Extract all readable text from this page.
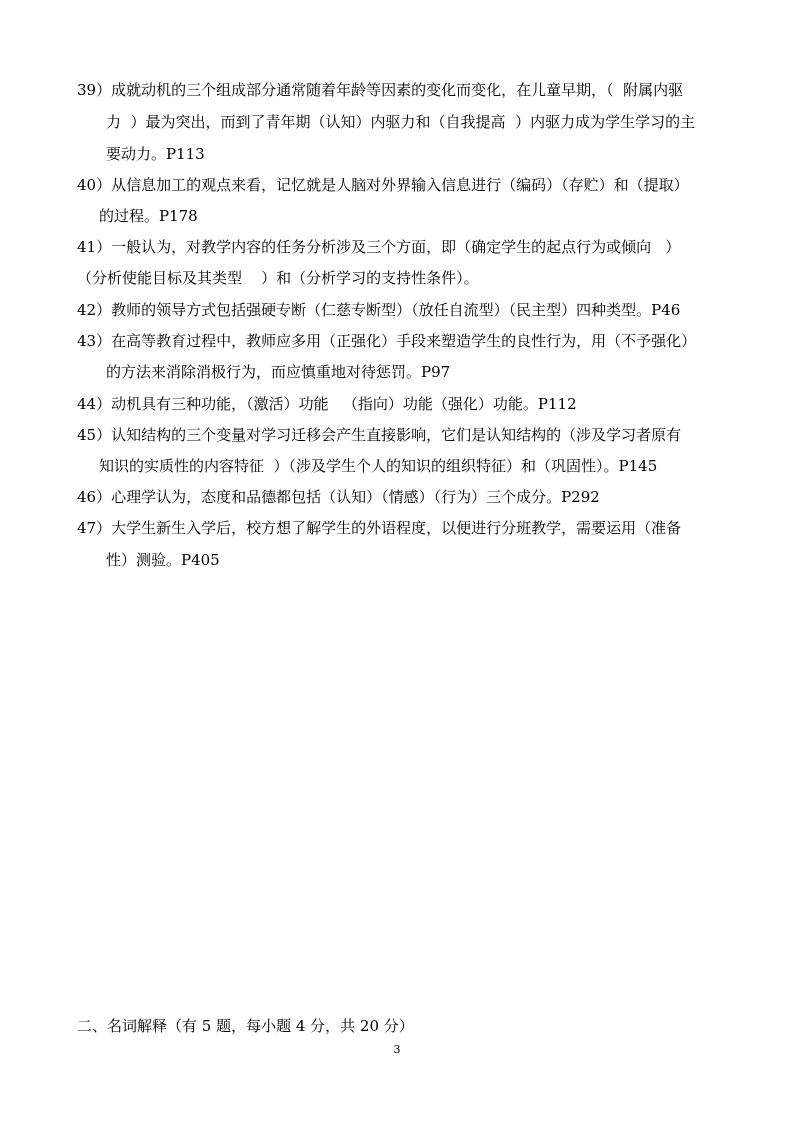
39）成就动机的三个组成部分通常随着年龄等因素的变化而变化，在儿童早期，（  附属内驱
力  ）最为突出，而到了青年期（认知）内驱力和（自我提高  ）内驱力成为学生学习的主
要动力。P113
40）从信息加工的观点来看，记忆就是人脑对外界输入信息进行（编码）（存贮）和（提取）
的过程。P178
41）一般认为，对教学内容的任务分析涉及三个方面，即（确定学生的起点行为或倾向   ）
（分析使能目标及其类型    ）和（分析学习的支持性条件）。
42）教师的领导方式包括强硬专断（仁慈专断型）（放任自流型）（民主型）四种类型。P46
43）在高等教育过程中，教师应多用（正强化）手段来塑造学生的良性行为，用（不予强化）
的方法来消除消极行为，而应慎重地对待惩罚。P97
44）动机具有三种功能，（激活）功能   （指向）功能（强化）功能。P112
45）认知结构的三个变量对学习迁移会产生直接影响，它们是认知结构的（涉及学习者原有
知识的实质性的内容特征  ）（涉及学生个人的知识的组织特征）和（巩固性）。P145
46）心理学认为，态度和品德都包括（认知）（情感）（行为）三个成分。P292
47）大学生新生入学后，校方想了解学生的外语程度，以便进行分班教学，需要运用（准备
性）测验。P405
二、名词解释（有 5 题，每小题 4 分，共 20 分）
3
